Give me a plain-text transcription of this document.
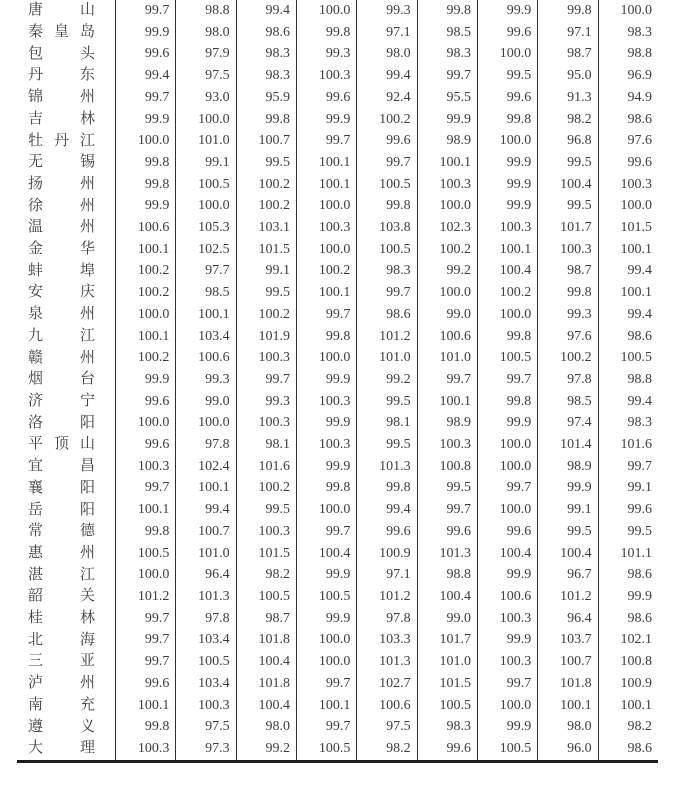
唐 山	99.7	98.8	99.4	100.0	99.3	99.8	99.9	99.8	100.0
秦 皇 岛	99.9	98.0	98.6	99.8	97.1	98.5	99.6	97.1	98.3
包 头	99.6	97.9	98.3	99.3	98.0	98.3	100.0	98.7	98.8
丹 东	99.4	97.5	98.3	100.3	99.4	99.7	99.5	95.0	96.9
锦 州	99.7	93.0	95.9	99.6	92.4	95.5	99.6	91.3	94.9
吉 林	99.9	100.0	99.8	99.9	100.2	99.9	99.8	98.2	98.6
牡 丹 江	100.0	101.0	100.7	99.7	99.6	98.9	100.0	96.8	97.6
无 锡	99.8	99.1	99.5	100.1	99.7	100.1	99.9	99.5	99.6
扬 州	99.8	100.5	100.2	100.1	100.5	100.3	99.9	100.4	100.3
徐 州	99.9	100.0	100.2	100.0	99.8	100.0	99.9	99.5	100.0
温 州	100.6	105.3	103.1	100.3	103.8	102.3	100.3	101.7	101.5
金 华	100.1	102.5	101.5	100.0	100.5	100.2	100.1	100.3	100.1
蚌 埠	100.2	97.7	99.1	100.2	98.3	99.2	100.4	98.7	99.4
安 庆	100.2	98.5	99.5	100.1	99.7	100.0	100.2	99.8	100.1
泉 州	100.0	100.1	100.2	99.7	98.6	99.0	100.0	99.3	99.4
九 江	100.1	103.4	101.9	99.8	101.2	100.6	99.8	97.6	98.6
赣 州	100.2	100.6	100.3	100.0	101.0	101.0	100.5	100.2	100.5
烟 台	99.9	99.3	99.7	99.9	99.2	99.7	99.7	97.8	98.8
济 宁	99.6	99.0	99.3	100.3	99.5	100.1	99.8	98.5	99.4
洛 阳	100.0	100.0	100.3	99.9	98.1	98.9	99.9	97.4	98.3
平 顶 山	99.6	97.8	98.1	100.3	99.5	100.3	100.0	101.4	101.6
宜 昌	100.3	102.4	101.6	99.9	101.3	100.8	100.0	98.9	99.7
襄 阳	99.7	100.1	100.2	99.8	99.8	99.5	99.7	99.9	99.1
岳 阳	100.1	99.4	99.5	100.0	99.4	99.7	100.0	99.1	99.6
常 德	99.8	100.7	100.3	99.7	99.6	99.6	99.6	99.5	99.5
惠 州	100.5	101.0	101.5	100.4	100.9	101.3	100.4	100.4	101.1
湛 江	100.0	96.4	98.2	99.9	97.1	98.8	99.9	96.7	98.6
韶 关	101.2	101.3	100.5	100.5	101.2	100.4	100.6	101.2	99.9
桂 林	99.7	97.8	98.7	99.9	97.8	99.0	100.3	96.4	98.6
北 海	99.7	103.4	101.8	100.0	103.3	101.7	99.9	103.7	102.1
三 亚	99.7	100.5	100.4	100.0	101.3	101.0	100.3	100.7	100.8
泸 州	99.6	103.4	101.8	99.7	102.7	101.5	99.7	101.8	100.9
南 充	100.1	100.3	100.4	100.1	100.6	100.5	100.0	100.1	100.1
遵 义	99.8	97.5	98.0	99.7	97.5	98.3	99.9	98.0	98.2
大 理	100.3	97.3	99.2	100.5	98.2	99.6	100.5	96.0	98.6
